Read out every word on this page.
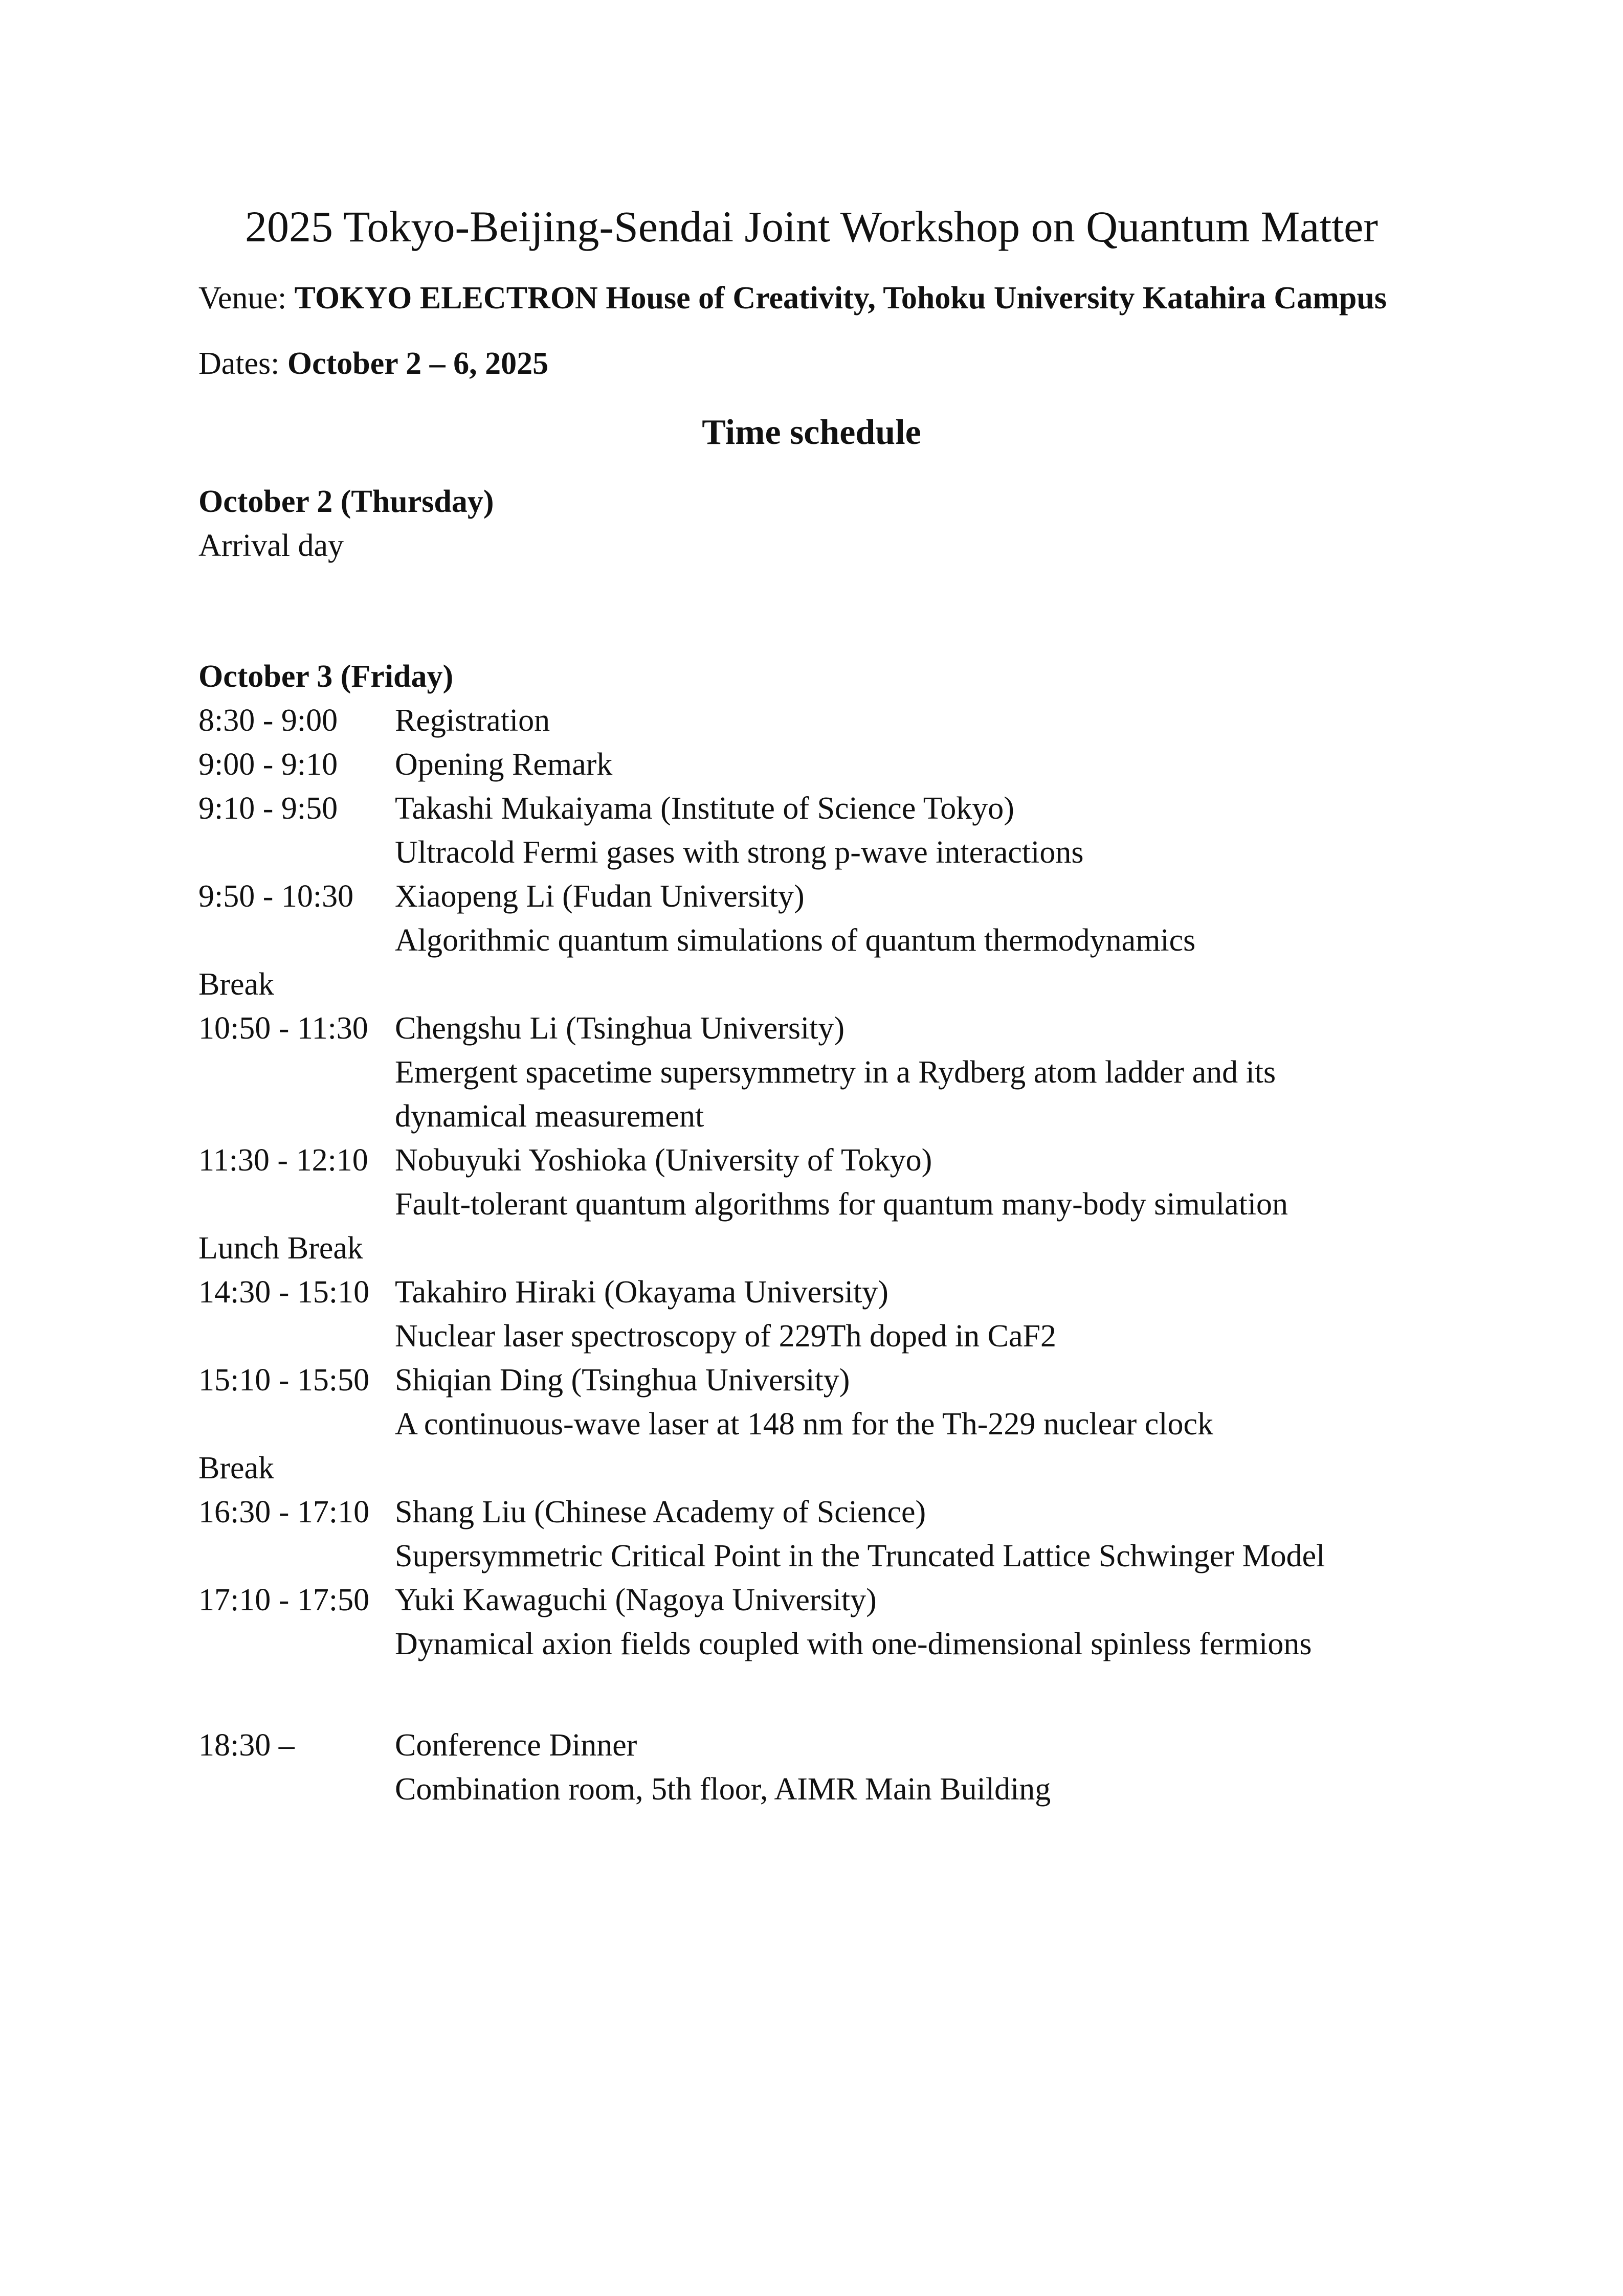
2025 Tokyo-Beijing-Sendai Joint Workshop on Quantum Matter
Venue: TOKYO ELECTRON House of Creativity, Tohoku University Katahira Campus
Dates: October 2 – 6, 2025
Time schedule
October 2 (Thursday)
Arrival day
October 3 (Friday)
8:30 - 9:00 Registration
9:00 - 9:10 Opening Remark
9:10 - 9:50 Takashi Mukaiyama (Institute of Science Tokyo)
Ultracold Fermi gases with strong p-wave interactions
9:50 - 10:30 Xiaopeng Li (Fudan University)
Algorithmic quantum simulations of quantum thermodynamics
Break
10:50 - 11:30 Chengshu Li (Tsinghua University)
Emergent spacetime supersymmetry in a Rydberg atom ladder and its
dynamical measurement
11:30 - 12:10 Nobuyuki Yoshioka (University of Tokyo)
Fault-tolerant quantum algorithms for quantum many-body simulation
Lunch Break
14:30 - 15:10 Takahiro Hiraki (Okayama University)
Nuclear laser spectroscopy of 229Th doped in CaF2
15:10 - 15:50 Shiqian Ding (Tsinghua University)
A continuous-wave laser at 148 nm for the Th-229 nuclear clock
Break
16:30 - 17:10 Shang Liu (Chinese Academy of Science)
Supersymmetric Critical Point in the Truncated Lattice Schwinger Model
17:10 - 17:50 Yuki Kawaguchi (Nagoya University)
Dynamical axion fields coupled with one-dimensional spinless fermions
18:30 –	Conference Dinner
Combination room, 5th floor, AIMR Main Building
